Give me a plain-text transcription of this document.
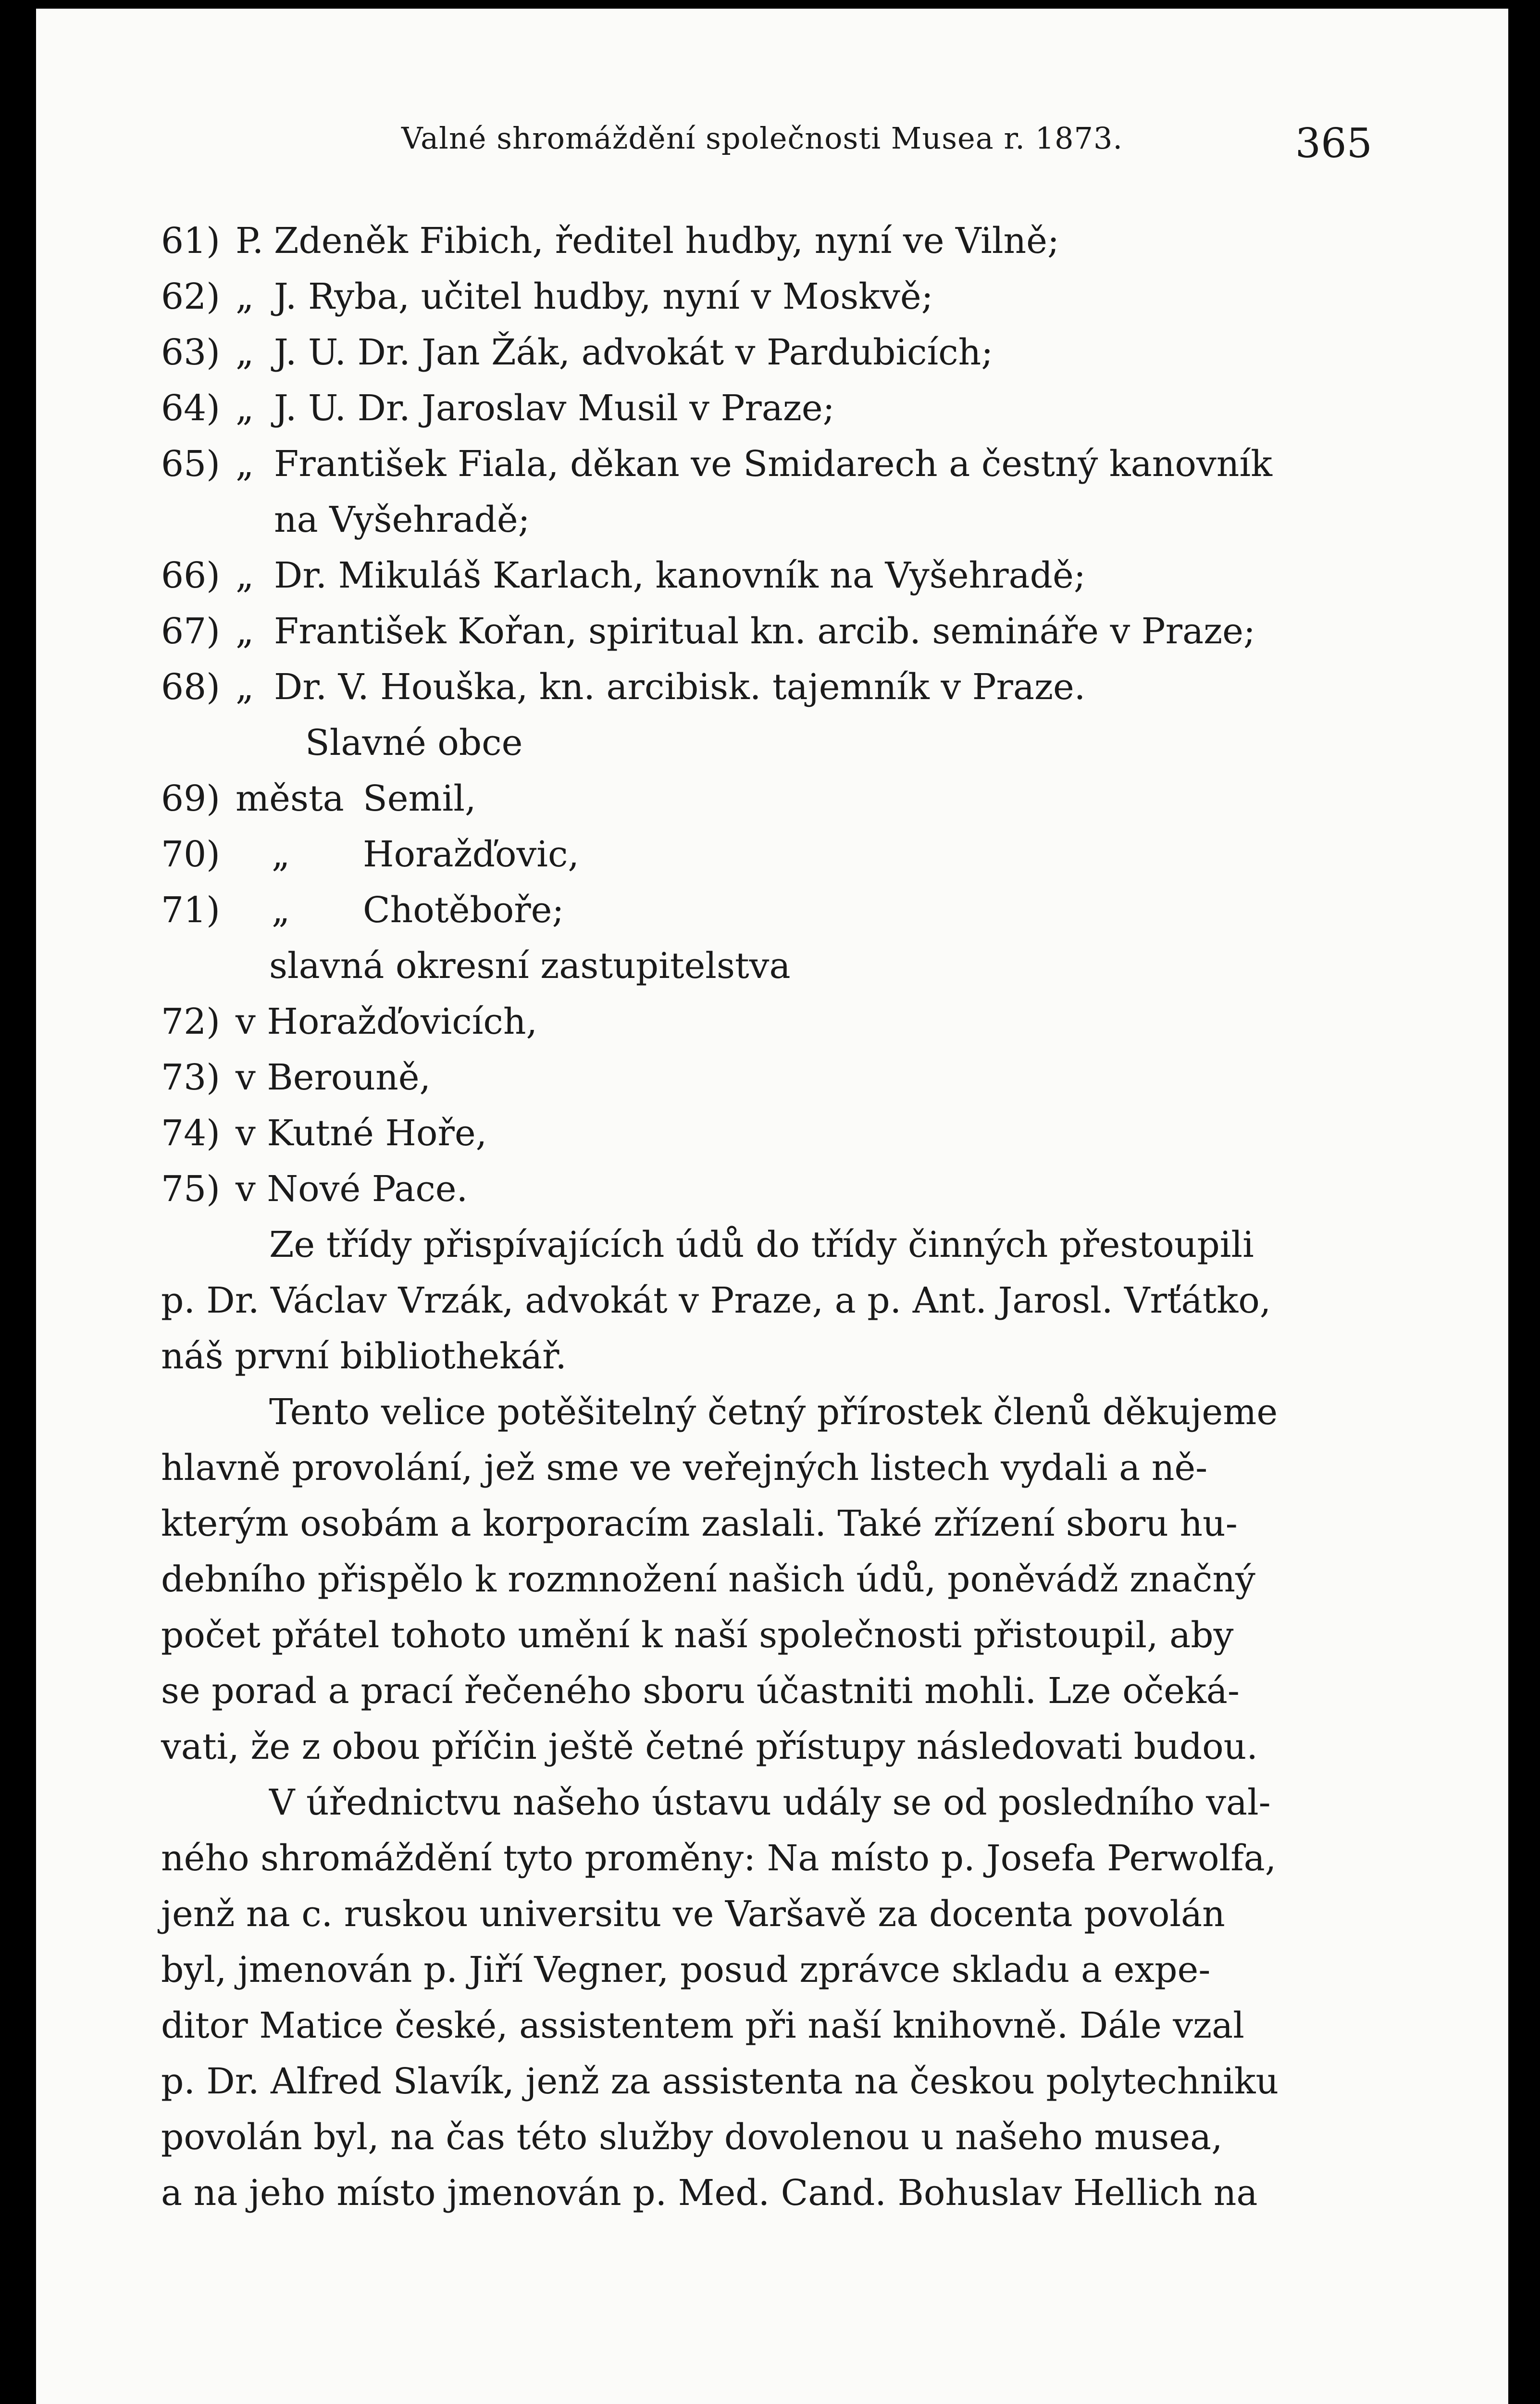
Valné shromáždění společnosti Musea r. 1873.	365
61) P. Zdeněk Fibich, ředitel hudby, nyní ve Vilně;
62) „ J. Ryba, učitel hudby, nyní v Moskvě;
63) „ J. U. Dr. Jan Žák, advokát v Pardubicích;
64) „ J. U. Dr. Jaroslav Musil v Praze;
65) „ František Fiala, děkan ve Smidarech a čestný kanovník
na Vyšehradě;
66) „ Dr. Mikuláš Karlach, kanovník na Vyšehradě;
67) „ František Kořan, spiritual kn. arcib. semináře v Praze;
68) „ Dr. V. Houška, kn. arcibisk. tajemník v Praze.
Slavné obce
69) města Semil,
70)	„	Horažďovic,
71)	„	Chotěboře;
slavná okresní zastupitelstva
72) v Horažďovicích,
73) v Berouně,
74) v Kutné Hoře,
75) v Nové Pace.
Ze třídy přispívajících údů do třídy činných přestoupili
p. Dr. Václav Vrzák, advokát v Praze, a p. Ant. Jarosl. Vrťátko,
náš první bibliothekář.
Tento velice potěšitelný četný přírostek členů děkujeme
hlavně provolání, jež sme ve veřejných listech vydali a ně-
kterým osobám a korporacím zaslali. Také zřízení sboru hu-
debního přispělo k rozmnožení našich údů, poněvádž značný
počet přátel tohoto umění k naší společnosti přistoupil, aby
se porad a prací řečeného sboru účastniti mohli. Lze očeká-
vati, že z obou příčin ještě četné přístupy následovati budou.
V úřednictvu našeho ústavu udály se od posledního val-
ného shromáždění tyto proměny: Na místo p. Josefa Perwolfa,
jenž na c. ruskou universitu ve Varšavě za docenta povolán
byl, jmenován p. Jiří Vegner, posud zprávce skladu a expe-
ditor Matice české, assistentem při naší knihovně. Dále vzal
p. Dr. Alfred Slavík, jenž za assistenta na českou polytechniku
povolán byl, na čas této služby dovolenou u našeho musea,
a na jeho místo jmenován p. Med. Cand. Bohuslav Hellich na
